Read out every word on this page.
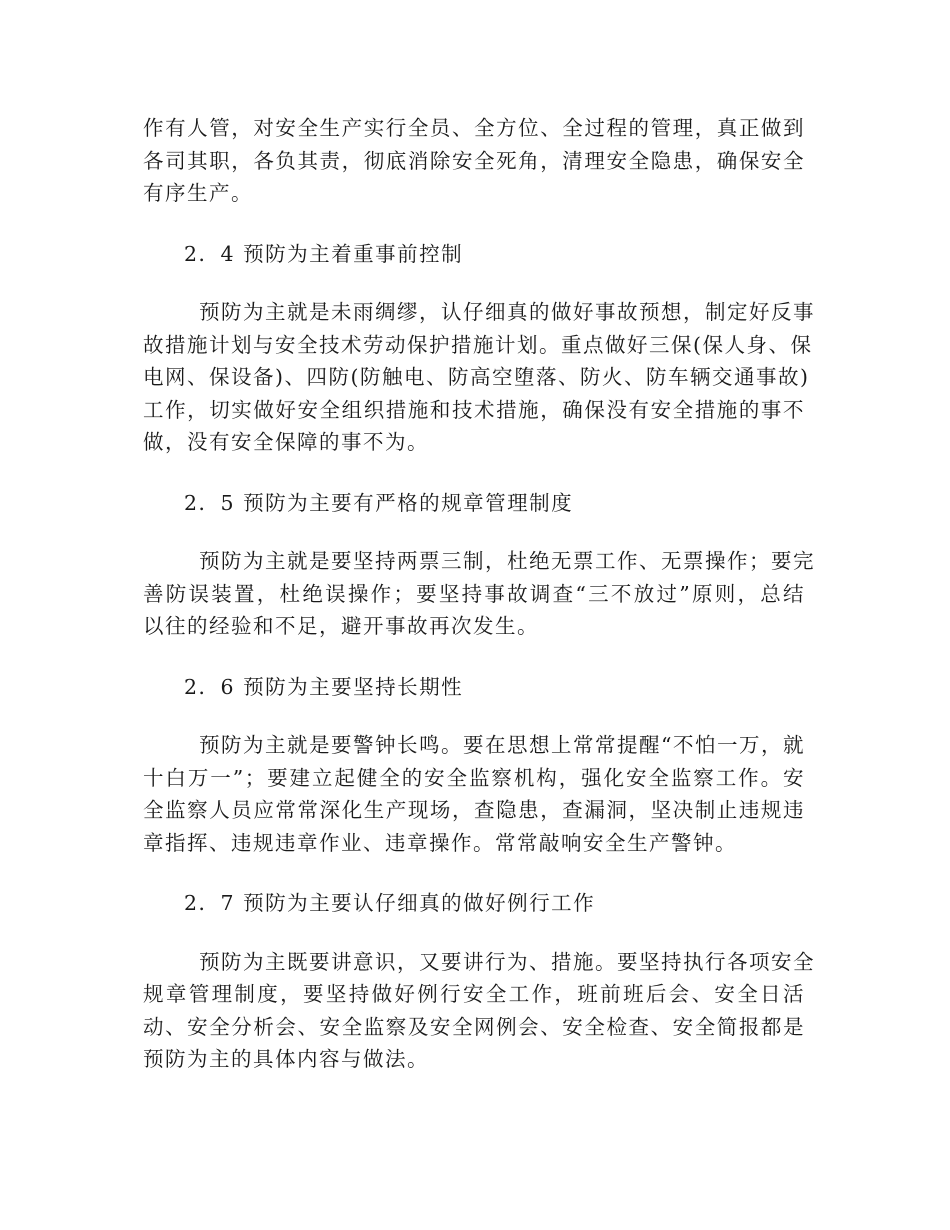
作有人管，对安全生产实行全员、全方位、全过程的管理，真正做到
各司其职，各负其责，彻底消除安全死角，清理安全隐患，确保安全
有序生产。
2．4 预防为主着重事前控制
预防为主就是未雨绸缪，认仔细真的做好事故预想，制定好反事
故措施计划与安全技术劳动保护措施计划。重点做好三保(保人身、保
电网、保设备)、四防(防触电、防高空堕落、防火、防车辆交通事故)
工作，切实做好安全组织措施和技术措施，确保没有安全措施的事不
做，没有安全保障的事不为。
2．5 预防为主要有严格的规章管理制度
预防为主就是要坚持两票三制，杜绝无票工作、无票操作；要完
善防误装置，杜绝误操作；要坚持事故调查“三不放过”原则，总结
以往的经验和不足，避开事故再次发生。
2．6 预防为主要坚持长期性
预防为主就是要警钟长鸣。要在思想上常常提醒“不怕一万，就
十白万一”；要建立起健全的安全监察机构，强化安全监察工作。安
全监察人员应常常深化生产现场，查隐患，查漏洞，坚决制止违规违
章指挥、违规违章作业、违章操作。常常敲响安全生产警钟。
2．7 预防为主要认仔细真的做好例行工作
预防为主既要讲意识，又要讲行为、措施。要坚持执行各项安全
规章管理制度，要坚持做好例行安全工作，班前班后会、安全日活
动、安全分析会、安全监察及安全网例会、安全检查、安全简报都是
预防为主的具体内容与做法。
